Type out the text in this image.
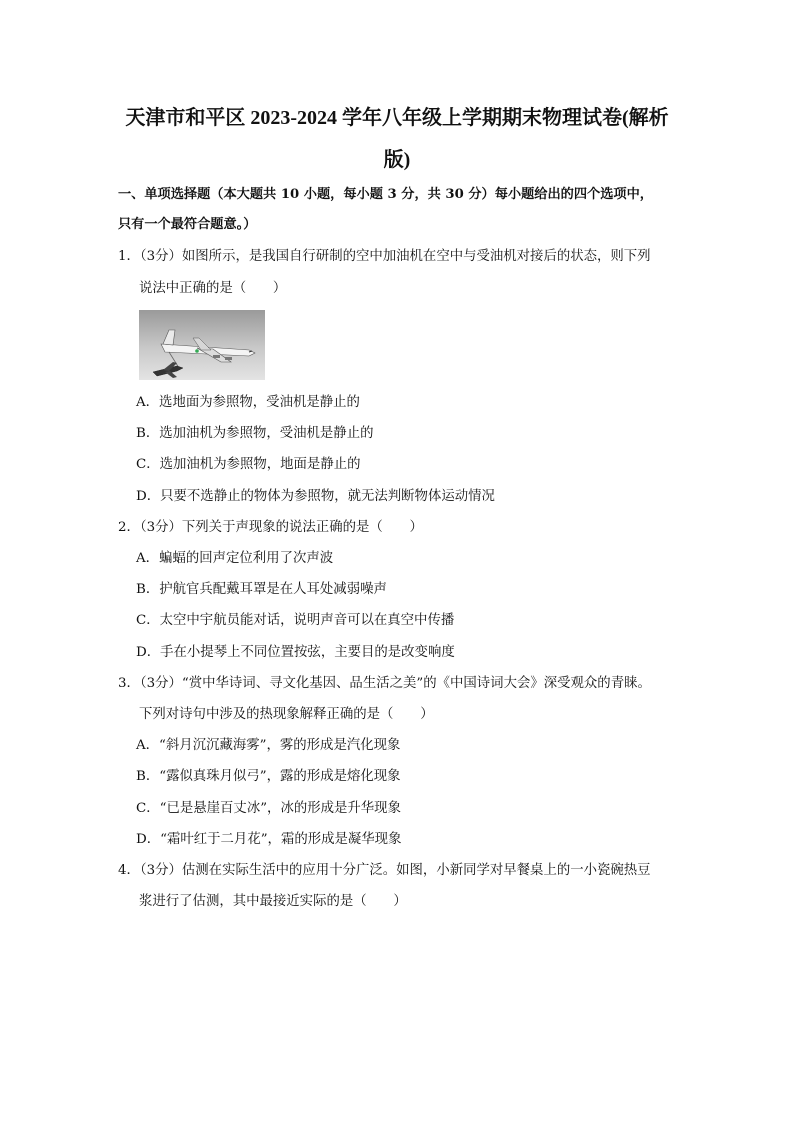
天津市和平区 2023-2024 学年八年级上学期期末物理试卷(解析
版)
一、单项选择题（本大题共 10 小题，每小题 3 分，共 30 分）每小题给出的四个选项中，
只有一个最符合题意。）
1．（3分）如图所示，是我国自行研制的空中加油机在空中与受油机对接后的状态，则下列
说法中正确的是（　　）
A．选地面为参照物，受油机是静止的
B．选加油机为参照物，受油机是静止的
C．选加油机为参照物，地面是静止的
D．只要不选静止的物体为参照物，就无法判断物体运动情况
2．（3分）下列关于声现象的说法正确的是（　　）
A．蝙蝠的回声定位利用了次声波
B．护航官兵配戴耳罩是在人耳处减弱噪声
C．太空中宇航员能对话，说明声音可以在真空中传播
D．手在小提琴上不同位置按弦，主要目的是改变响度
3．（3分）“赏中华诗词、寻文化基因、品生活之美”的《中国诗词大会》深受观众的青睐。
下列对诗句中涉及的热现象解释正确的是（　　）
A．“斜月沉沉藏海雾”，雾的形成是汽化现象
B．“露似真珠月似弓”，露的形成是熔化现象
C．“已是悬崖百丈冰”，冰的形成是升华现象
D．“霜叶红于二月花”，霜的形成是凝华现象
4．（3分）估测在实际生活中的应用十分广泛。如图，小新同学对早餐桌上的一小瓷碗热豆
浆进行了估测，其中最接近实际的是（　　）
